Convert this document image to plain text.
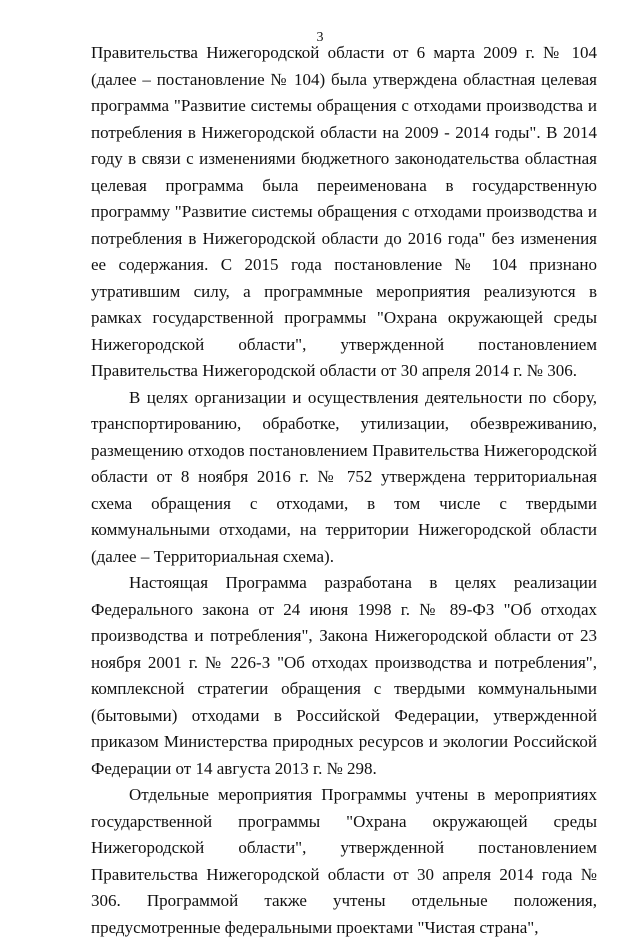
3

Правительства Нижегородской области от 6 марта 2009 г. № 104 (далее – постановление № 104) была утверждена областная целевая программа "Развитие системы обращения с отходами производства и потребления в Нижегородской области на 2009 - 2014 годы". В 2014 году в связи с изменениями бюджетного законодательства областная целевая программа была переименована в государственную программу "Развитие системы обращения с отходами производства и потребления в Нижегородской области до 2016 года" без изменения ее содержания. С 2015 года постановление № 104 признано утратившим силу, а программные мероприятия реализуются в рамках государственной программы "Охрана окружающей среды Нижегородской области", утвержденной постановлением Правительства Нижегородской области от 30 апреля 2014 г. № 306.

В целях организации и осуществления деятельности по сбору, транспортированию, обработке, утилизации, обезвреживанию, размещению отходов постановлением Правительства Нижегородской области от 8 ноября 2016 г. № 752 утверждена территориальная схема обращения с отходами, в том числе с твердыми коммунальными отходами, на территории Нижегородской области (далее – Территориальная схема).

Настоящая Программа разработана в целях реализации Федерального закона от 24 июня 1998 г. № 89-ФЗ "Об отходах производства и потребления", Закона Нижегородской области от 23 ноября 2001 г. № 226-З "Об отходах производства и потребления", комплексной стратегии обращения с твердыми коммунальными (бытовыми) отходами в Российской Федерации, утвержденной приказом Министерства природных ресурсов и экологии Российской Федерации от 14 августа 2013 г. № 298.

Отдельные мероприятия Программы учтены в мероприятиях государственной программы "Охрана окружающей среды Нижегородской области", утвержденной постановлением Правительства Нижегородской области от 30 апреля 2014 года № 306. Программой также учтены отдельные положения, предусмотренные федеральными проектами "Чистая страна",
